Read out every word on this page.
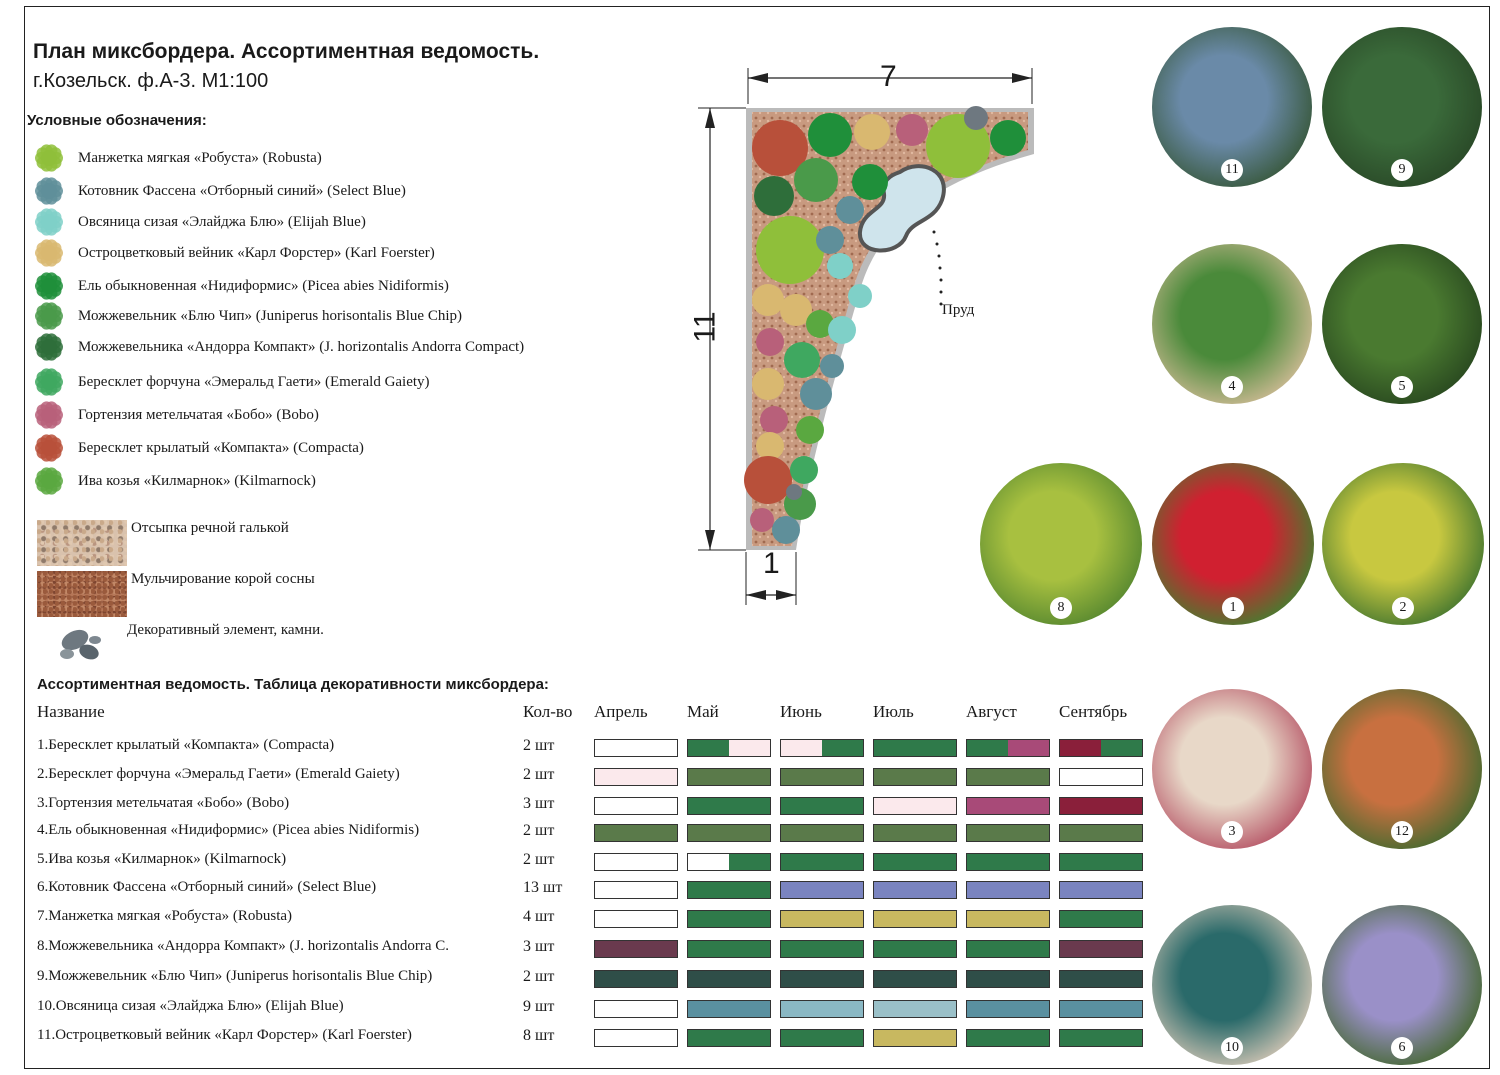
План миксбордера. Ассортиментная ведомость.
г.Козельск. ф.А-3. М1:100
Условные обозначения:
Манжетка мягкая «Робуста» (Robusta)
Котовник Фассена «Отборный синий» (Select Blue)
Овсяница сизая «Элайджа Блю» (Elijah Blue)
Остроцветковый вейник «Карл Форстер» (Karl Foerster)
Ель обыкновенная «Нидиформис» (Picea abies Nidiformis)
Можжевельник «Блю Чип» (Juniperus horisontalis Blue Chip)
Можжевельника «Андорра Компакт» (J. horizontalis Andorra Compact)
Бересклет форчуна «Эмеральд Гаети» (Emerald Gaiety)
Гортензия метельчатая «Бобо» (Bobo)
Бересклет крылатый «Компакта» (Compacta)
Ива козья «Килмарнок» (Kilmarnock)
Отсыпка речной галькой
Мульчирование корой сосны
Декоративный элемент, камни.
7
11
1
Пруд
Ассортиментная ведомость. Таблица декоративности миксбордера:
Название	Кол-во Апрель Май	Июнь	Июль	Август Сентябрь
1.Бересклет крылатый «Компакта» (Compacta)	2 шт
2.Бересклет форчуна «Эмеральд Гаети» (Emerald Gaiety)	2 шт
3.Гортензия метельчатая «Бобо» (Bobo)	3 шт
4.Ель обыкновенная «Нидиформис» (Picea abies Nidiformis)	2 шт
5.Ива козья «Килмарнок» (Kilmarnock)	2 шт
6.Котовник Фассена «Отборный синий» (Select Blue)	13 шт
7.Манжетка мягкая «Робуста» (Robusta)	4 шт
8.Можжевельника «Андорра Компакт» (J. horizontalis Andorra C.	3 шт
9.Можжевельник «Блю Чип» (Juniperus horisontalis Blue Chip)	2 шт
10.Овсяница сизая «Элайджа Блю» (Elijah Blue)	9 шт
11.Остроцветковый вейник «Карл Форстер» (Karl Foerster)	8 шт
11	9
4	5
8	1	2
3	12
10	6
